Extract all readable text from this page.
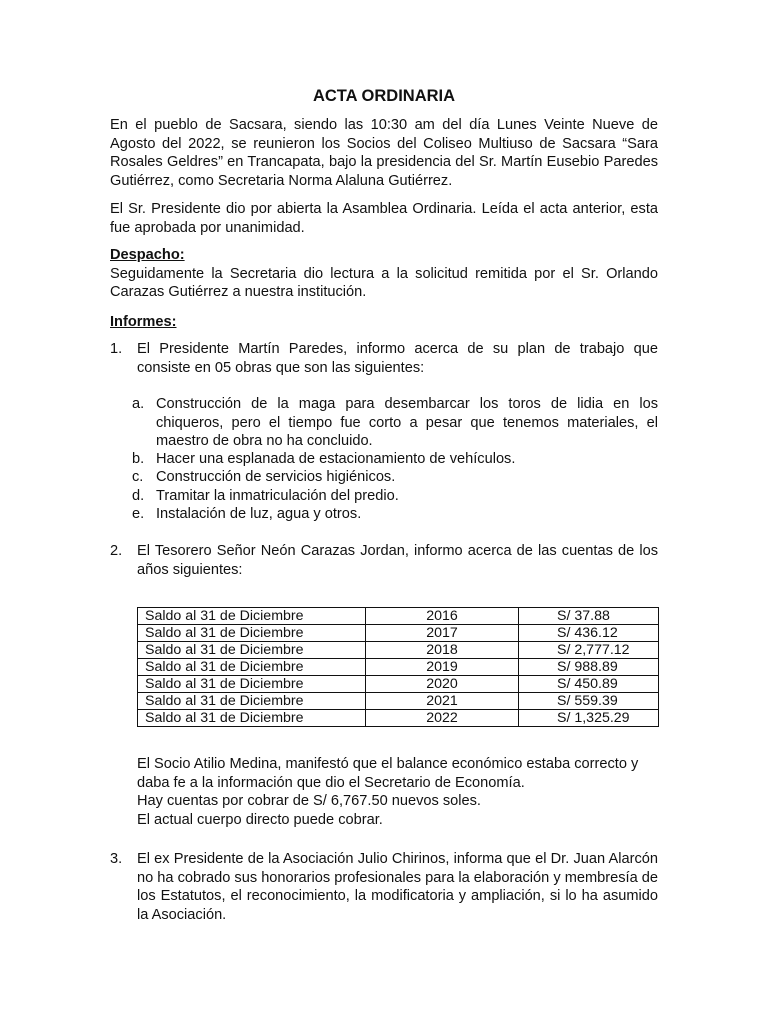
ACTA ORDINARIA

En el pueblo de Sacsara, siendo las 10:30 am del día Lunes Veinte Nueve de Agosto del 2022, se reunieron los Socios del Coliseo Multiuso de Sacsara “Sara Rosales Geldres” en Trancapata, bajo la presidencia del Sr. Martín Eusebio Paredes Gutiérrez, como Secretaria Norma Alaluna Gutiérrez.

El Sr. Presidente dio por abierta la Asamblea Ordinaria. Leída el acta anterior, esta fue aprobada por unanimidad.

Despacho:
Seguidamente la Secretaria dio lectura a la solicitud remitida por el Sr. Orlando Carazas Gutiérrez a nuestra institución.
Informes:
1. El Presidente Martín Paredes, informo acerca de su plan de trabajo que consiste en 05 obras que son las siguientes:
a. Construcción de la maga para desembarcar los toros de lidia en los chiqueros, pero el tiempo fue corto a pesar que tenemos materiales, el maestro de obra no ha concluido.
b. Hacer una esplanada de estacionamiento de vehículos.
c. Construcción de servicios higiénicos.
d. Tramitar la inmatriculación del predio.
e. Instalación de luz, agua y otros.
2. El Tesorero Señor Neón Carazas Jordan, informo acerca de las cuentas de los años siguientes:
Saldo al 31 de Diciembre	2016	S/ 37.88
Saldo al 31 de Diciembre	2017	S/ 436.12
Saldo al 31 de Diciembre	2018	S/ 2,777.12
Saldo al 31 de Diciembre	2019	S/ 988.89
Saldo al 31 de Diciembre	2020	S/ 450.89
Saldo al 31 de Diciembre	2021	S/ 559.39
Saldo al 31 de Diciembre	2022	S/ 1,325.29
El Socio Atilio Medina, manifestó que el balance económico estaba correcto y daba fe a la información que dio el Secretario de Economía.
Hay cuentas por cobrar de S/ 6,767.50 nuevos soles.
El actual cuerpo directo puede cobrar.
3. El ex Presidente de la Asociación Julio Chirinos, informa que el Dr. Juan Alarcón no ha cobrado sus honorarios profesionales para la elaboración y membresía de los Estatutos, el reconocimiento, la modificatoria y ampliación, si lo ha asumido la Asociación.
